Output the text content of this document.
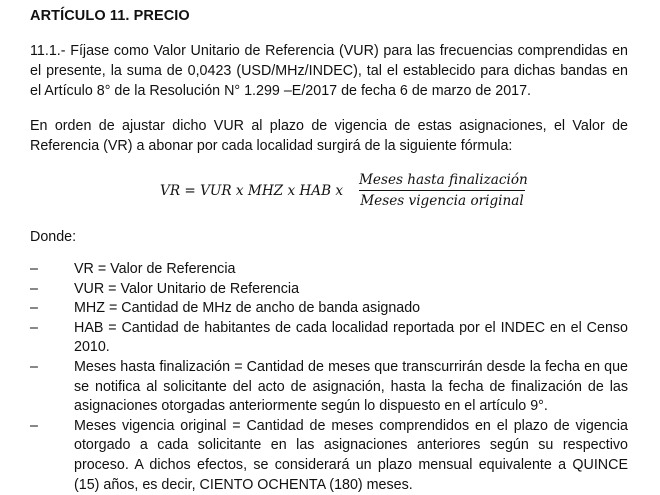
ARTÍCULO 11. PRECIO

11.1.- Fíjase como Valor Unitario de Referencia (VUR) para las frecuencias comprendidas en el presente, la suma de 0,0423 (USD/MHz/INDEC), tal el establecido para dichas bandas en el Artículo 8° de la Resolución N° 1.299 –E/2017 de fecha 6 de marzo de 2017.

En orden de ajustar dicho VUR al plazo de vigencia de estas asignaciones, el Valor de Referencia (VR) a abonar por cada localidad surgirá de la siguiente fórmula:

VR = VUR x MHZ x HAB x
Meses hasta finalización
Meses vigencia original

Donde:

–	VR = Valor de Referencia
–	VUR = Valor Unitario de Referencia
–	MHZ = Cantidad de MHz de ancho de banda asignado
–	HAB = Cantidad de habitantes de cada localidad reportada por el INDEC en el Censo 2010.
–	Meses hasta finalización = Cantidad de meses que transcurrirán desde la fecha en que se notifica al solicitante del acto de asignación, hasta la fecha de finalización de las asignaciones otorgadas anteriormente según lo dispuesto en el artículo 9°.
–	Meses vigencia original = Cantidad de meses comprendidos en el plazo de vigencia otorgado a cada solicitante en las asignaciones anteriores según su respectivo proceso. A dichos efectos, se considerará un plazo mensual equivalente a QUINCE (15) años, es decir, CIENTO OCHENTA (180) meses.
